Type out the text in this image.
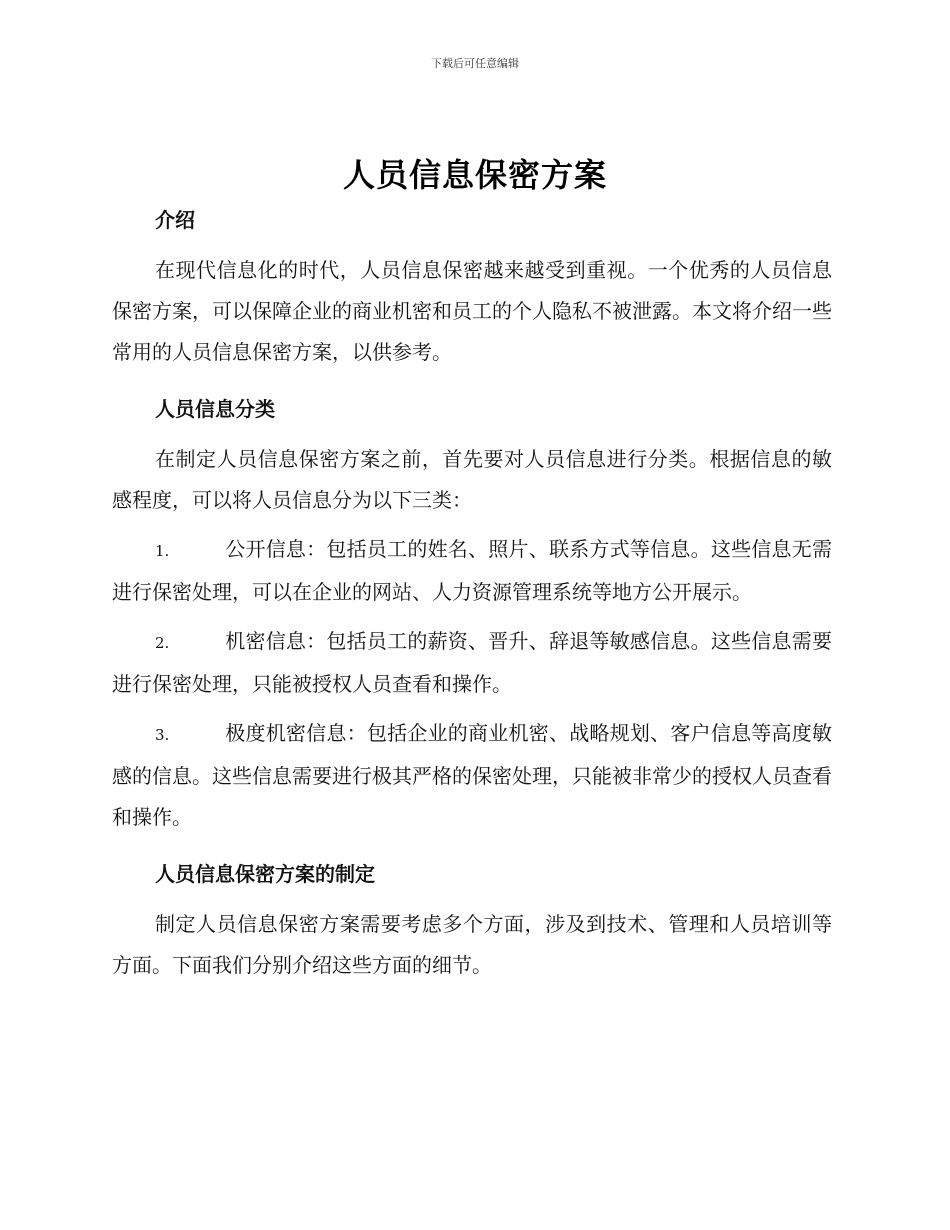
下载后可任意编辑
人员信息保密方案
介绍

在现代信息化的时代，人员信息保密越来越受到重视。一个优秀的人员信息保密方案，可以保障企业的商业机密和员工的个人隐私不被泄露。本文将介绍一些常用的人员信息保密方案，以供参考。

人员信息分类

在制定人员信息保密方案之前，首先要对人员信息进行分类。根据信息的敏感程度，可以将人员信息分为以下三类：

1.	公开信息：包括员工的姓名、照片、联系方式等信息。这些信息无需进行保密处理，可以在企业的网站、人力资源管理系统等地方公开展示。

2.	机密信息：包括员工的薪资、晋升、辞退等敏感信息。这些信息需要进行保密处理，只能被授权人员查看和操作。

3.	极度机密信息：包括企业的商业机密、战略规划、客户信息等高度敏感的信息。这些信息需要进行极其严格的保密处理，只能被非常少的授权人员查看和操作。

人员信息保密方案的制定

制定人员信息保密方案需要考虑多个方面，涉及到技术、管理和人员培训等方面。下面我们分别介绍这些方面的细节。
